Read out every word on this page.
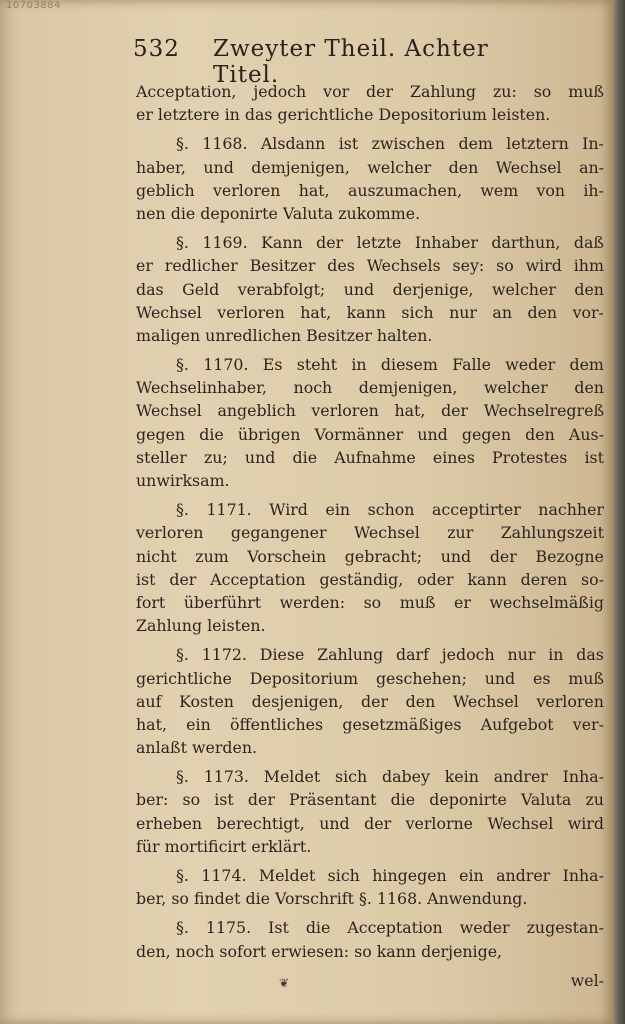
10703884
532 Zweyter Theil. Achter Titel.
Acceptation, jedoch vor der Zahlung zu: so muß
er letztere in das gerichtliche Depositorium leisten.
§. 1168. Alsdann ist zwischen dem letztern In-
haber, und demjenigen, welcher den Wechsel an-
geblich verloren hat, auszumachen, wem von ih-
nen die deponirte Valuta zukomme.
§. 1169. Kann der letzte Inhaber darthun, daß
er redlicher Besitzer des Wechsels sey: so wird ihm
das Geld verabfolgt; und derjenige, welcher den
Wechsel verloren hat, kann sich nur an den vor-
maligen unredlichen Besitzer halten.
§. 1170. Es steht in diesem Falle weder dem
Wechselinhaber, noch demjenigen, welcher den
Wechsel angeblich verloren hat, der Wechselregreß
gegen die übrigen Vormänner und gegen den Aus-
steller zu; und die Aufnahme eines Protestes ist
unwirksam.
§. 1171. Wird ein schon acceptirter nachher
verloren gegangener Wechsel zur Zahlungszeit
nicht zum Vorschein gebracht; und der Bezogne
ist der Acceptation geständig, oder kann deren so-
fort überführt werden: so muß er wechselmäßig
Zahlung leisten.
§. 1172. Diese Zahlung darf jedoch nur in das
gerichtliche Depositorium geschehen; und es muß
auf Kosten desjenigen, der den Wechsel verloren
hat, ein öffentliches gesetzmäßiges Aufgebot ver-
anlaßt werden.
§. 1173. Meldet sich dabey kein andrer Inha-
ber: so ist der Präsentant die deponirte Valuta zu
erheben berechtigt, und der verlorne Wechsel wird
für mortificirt erklärt.
§. 1174. Meldet sich hingegen ein andrer Inha-
ber, so findet die Vorschrift §. 1168. Anwendung.
§. 1175. Ist die Acceptation weder zugestan-
den, noch sofort erwiesen: so kann derjenige,
wel-
❦
